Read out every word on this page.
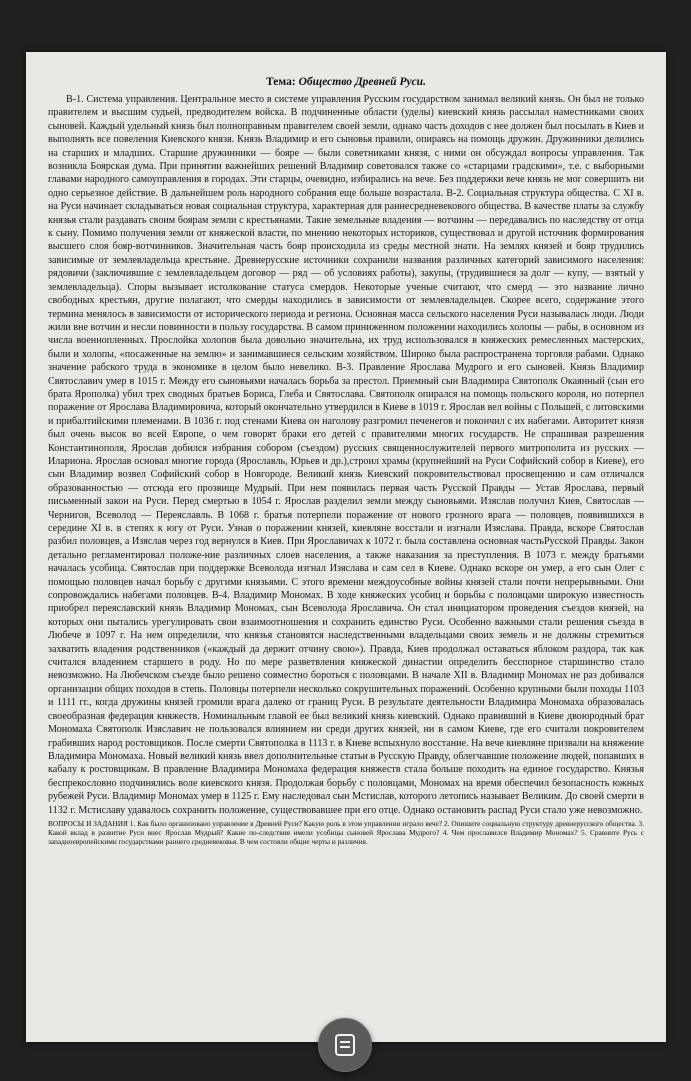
Тема: Общество Древней Руси.

В-1. Система управления. Центральное место в системе управления Русским государством занимал великий князь. Он был не только правителем и высшим судьей, предводителем войска. В подчиненные области (уделы) киевский князь рассылал наместниками своих сыновей. Каждый удельный князь был полноправным правителем своей земли, однако часть доходов с нее должен был посылать в Киев и выполнять все повеления Киевского князя. Князь Владимир и его сыновья правили, опираясь на помощь дружин. Дружинники делились на старших и младших. Старшие дружинники — бояре — были советниками князя, с ними он обсуждал вопросы управления. Так возникла Боярская дума. При принятии важнейших решений Владимир советовался также со «старцами градскими», т.е. с выборными главами народного самоуправления в городах. Эти старцы, очевидно, избирались на вече. Без поддержки вече князь не мог совершить ни одно серьезное действие. В дальнейшем роль народного собрания еще больше возрастала. В-2. Социальная структура общества. С XI в. на Руси начинает складываться новая социальная структура, характерная для раннесредневекового общества. В качестве платы за службу князья стали раздавать своим боярам земли с крестьянами. Такие земельные владения — вотчины — передавались по наследству от отца к сыну. Помимо получения земли от княжеской власти, по мнению некоторых историков, существовал и другой источник формирования высшего слоя бояр-вотчинников. Значительная часть бояр происходила из среды местной знати. На землях князей и бояр трудились зависимые от землевладельца крестьяне. Древнерусские источники сохранили названия различных категорий зависимого населения: рядовичи (заключившие с землевладельцем договор — ряд — об условиях работы), закупы, (трудившиеся за долг — купу, — взятый у землевладельца). Споры вызывает истолкование статуса смердов. Некоторые ученые считают, что смерд — это название лично свободных крестьян, другие полагают, что смерды находились в зависимости от землевладельцев. Скорее всего, содержание этого термина менялось в зависимости от исторического периода и региона. Основная масса сельского населения Руси называлась люди. Люди жили вне вотчин и несли повинности в пользу государства. В самом приниженном положении находились холопы — рабы, в основном из числа военнопленных. Прослойка холопов была довольно значительна, их труд использовался в княжеских ремесленных мастерских, были и холопы, «посаженные на землю» и занимавшиеся сельским хозяйством. Широко была распространена торговля рабами. Однако значение рабского труда в экономике в целом было невелико. В-3. Правление Ярослава Мудрого и его сыновей. Князь Владимир Святославич умер в 1015 г. Между его сыновьями началась борьба за престол. Приемный сын Владимира Святополк Окаянный (сын его брата Ярополка) убил трех сводных братьев Бориса, Глеба и Святослава. Святополк опирался на помощь польского короля, но потерпел поражение от Ярослава Владимировича, который окончательно утвердился в Киеве в 1019 г. Ярослав вел войны с Польшей, с литовскими и прибалтийскими племенами. В 1036 г. под стенами Киева он наголову разгромил печенегов и покончил с их набегами. Авторитет князя был очень высок во всей Европе, о чем говорят браки его детей с правителями многих государств. Не спрашивая разрешения Константинополя, Ярослав добился избрания собором (съездом) русских священнослужителей первого митрополита из русских — Илариона. Ярослав основал многие города (Ярославль, Юрьев и др.),строил храмы (крупнейший на Руси Софийский собор в Киеве), его сын Владимир возвел Софийский собор в Новгороде. Великий князь Киевский покровительствовал просвещению и сам отличался образованностью — отсюда его прозвище Мудрый. При нем появилась первая часть Русской Правды — Устав Ярослава, первый письменный закон на Руси. Перед смертью в 1054 г. Ярослав разделил земли между сыновьями. Изяслав получил Киев, Святослав — Чернигов, Всеволод — Переяславль. В 1068 г. братья потерпели поражение от нового грозного врага — половцев, появившихся в середине XI в. в степях к югу от Руси. Узнав о поражении князей, киевляне восстали и изгнали Изяслава. Правда, вскоре Святослав разбил половцев, а Изяслав через год вернулся в Киев. При Ярославичах к 1072 г. была составлена основная частьРусской Правды. Закон детально регламентировал положе-ние различных слоев населения, а также наказания за преступления. В 1073 г. между братьями началась усобица. Святослав при поддержке Всеволода изгнал Изяслава и сам сел в Киеве. Однако вскоре он умер, а его сын Олег с помощью половцев начал борьбу с другими князьями. С этого времени междоусобные войны князей стали почти непрерывными. Они сопровождались набегами половцев. В-4. Владимир Мономах. В ходе княжеских усобиц и борьбы с половцами широкую известность приобрел переяславский князь Владимир Мономах, сын Всеволода Ярославича. Он стал инициатором проведения съездов князей, на которых они пытались урегулировать свои взаимоотношения и сохранить единство Руси. Особенно важными стали решения съезда в Любече в 1097 г. На нем определили, что князья становятся наследственными владельцами своих земель и не должны стремиться захватить владения родственников («каждый да держит отчину свою»). Правда, Киев продолжал оставаться яблоком раздора, так как считался владением старшего в роду. Но по мере разветвления княжеской династии определить бесспорное старшинство стало невозможно. На Любечском съезде было решено совместно бороться с половцами. В начале XII в. Владимир Мономах не раз добивался организации общих походов в степь. Половцы потерпели несколько сокрушительных поражений. Особенно крупными были походы 1103 и 1111 гг., когда дружины князей громили врага далеко от границ Руси. В результате деятельности Владимира Мономаха образовалась своеобразная федерация княжеств. Номинальным главой ее был великий князь киевский. Однако правивший в Киеве двоюродный брат Мономаха Святополк Изяславич не пользовался влиянием ни среди других князей, ни в самом Киеве, где его считали покровителем грабивших народ ростовщиков. После смерти Святополка в 1113 г. в Киеве вспыхнуло восстание. На вече киевляне призвали на княжение Владимира Мономаха. Новый великий князь ввел дополнительные статьи в Русскую Правду, облегчавшие положение людей, попавших в кабалу к ростовщикам. В правление Владимира Мономаха федерация княжеств стала больше походить на единое государство. Князья беспрекословно подчинялись воле киевского князя. Продолжая борьбу с половцами, Мономах на время обеспечил безопасность южных рубежей Руси. Владимир Мономах умер в 1125 г. Ему наследовал сын Мстислав, которого летопись называет Великим. До своей смерти в 1132 г. Мстиславу удавалось сохранить положение, существовавшее при его отце. Однако остановить распад Руси стало уже невозможно.

ВОПРОСЫ И ЗАДАНИЯ 1. Как было организовано управление в Древней Руси? Какую роль в этом управлении играло вече? 2. Опишите социальную структуру древнерусского общества. 3. Какой вклад в развитие Руси внес Ярослав Мудрый? Какие по-следствия имели усобицы сыновей Ярослава Мудрого? 4. Чем прославился Владимир Мономах? 5. Сравните Русь с западноевропейскими государствами раннего средневековья. В чем состояли общие черты и различия.
